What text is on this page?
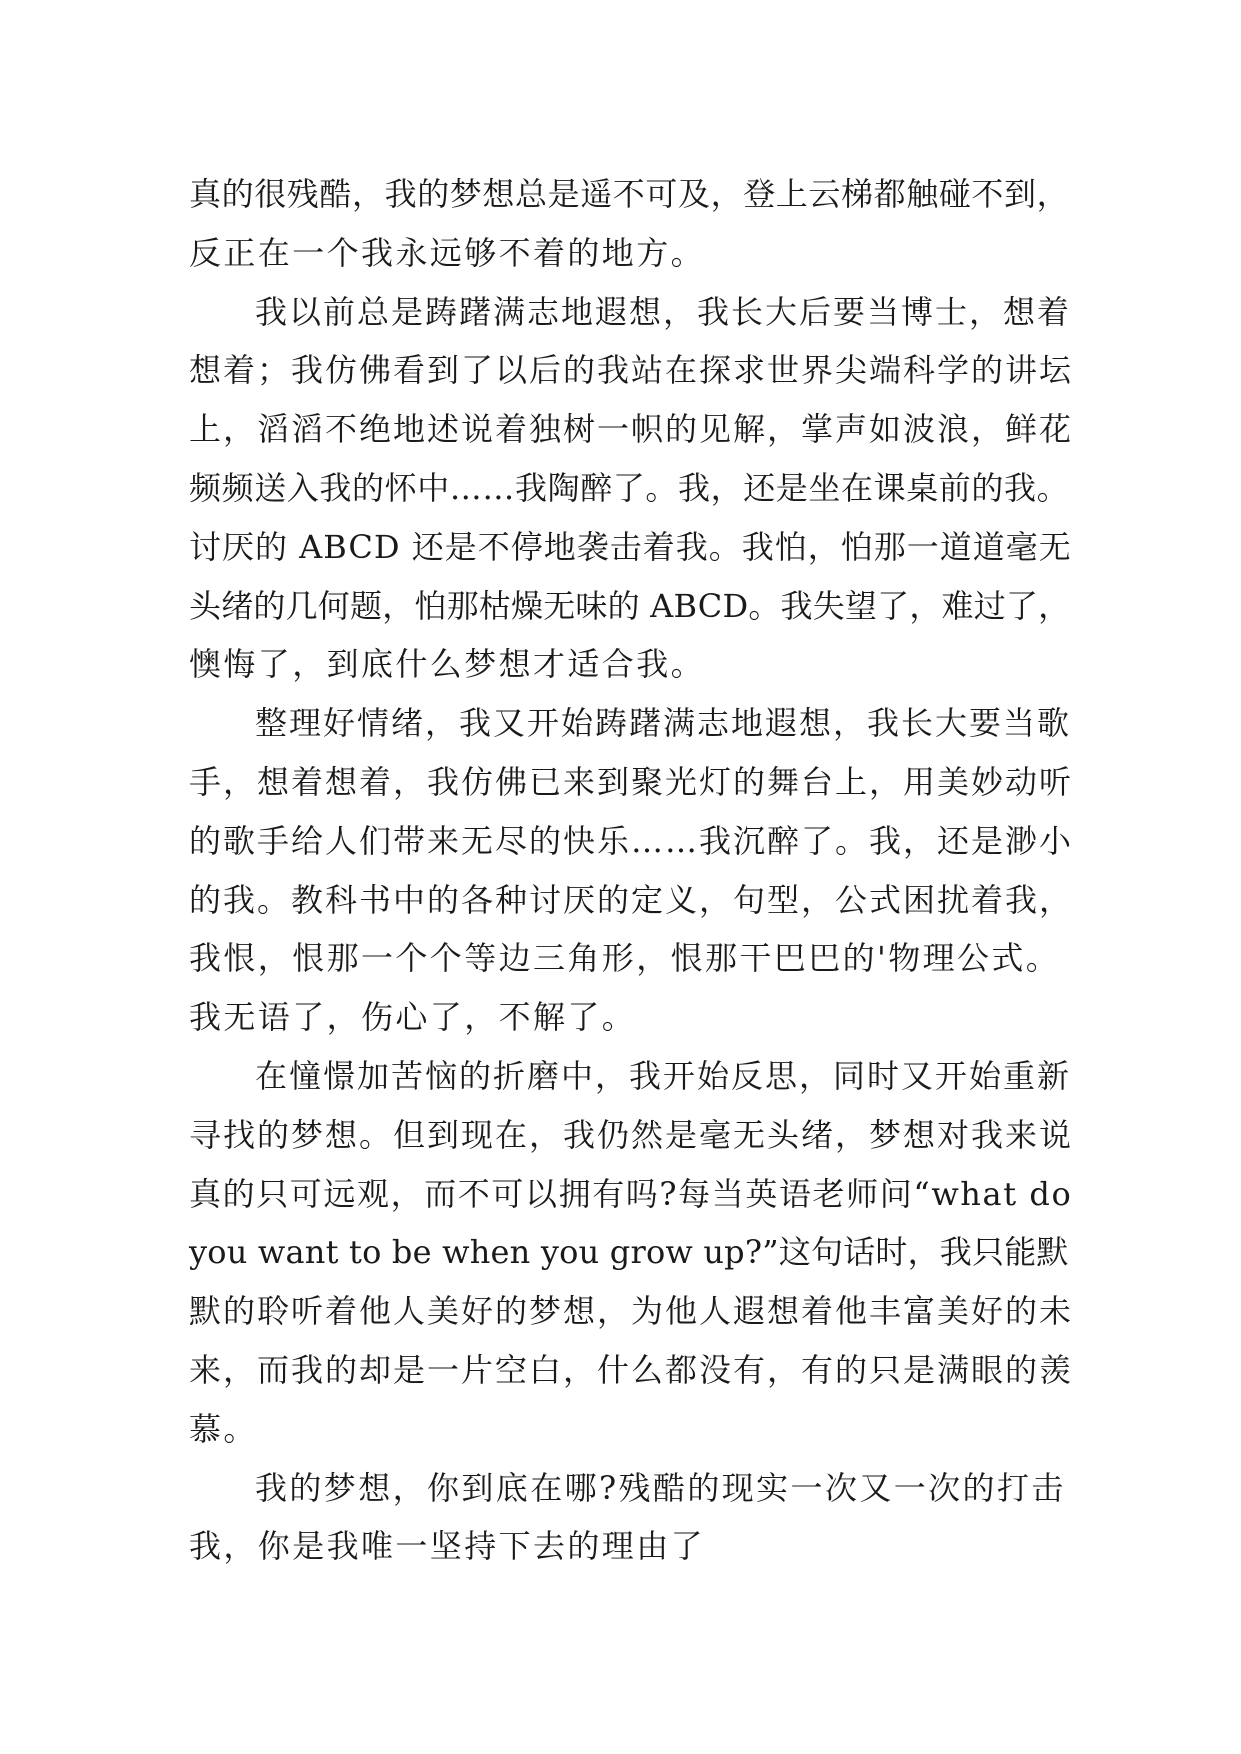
真的很残酷，我的梦想总是遥不可及，登上云梯都触碰不到，
反正在一个我永远够不着的地方。
我以前总是踌躇满志地遐想，我长大后要当博士，想着
想着；我仿佛看到了以后的我站在探求世界尖端科学的讲坛
上，滔滔不绝地述说着独树一帜的见解，掌声如波浪，鲜花
频频送入我的怀中……我陶醉了。我，还是坐在课桌前的我。
讨厌的 ABCD 还是不停地袭击着我。我怕，怕那一道道毫无
头绪的几何题，怕那枯燥无味的 ABCD。我失望了，难过了，
懊悔了，到底什么梦想才适合我。
整理好情绪，我又开始踌躇满志地遐想，我长大要当歌
手，想着想着，我仿佛已来到聚光灯的舞台上，用美妙动听
的歌手给人们带来无尽的快乐……我沉醉了。我，还是渺小
的我。教科书中的各种讨厌的定义，句型，公式困扰着我，
我恨，恨那一个个等边三角形，恨那干巴巴的'物理公式。
我无语了，伤心了，不解了。
在憧憬加苦恼的折磨中，我开始反思，同时又开始重新
寻找的梦想。但到现在，我仍然是毫无头绪，梦想对我来说
真的只可远观，而不可以拥有吗?每当英语老师问“what do
you want to be when you grow up?”这句话时，我只能默
默的聆听着他人美好的梦想，为他人遐想着他丰富美好的未
来，而我的却是一片空白，什么都没有，有的只是满眼的羡
慕。
我的梦想，你到底在哪?残酷的现实一次又一次的打击
我，你是我唯一坚持下去的理由了
